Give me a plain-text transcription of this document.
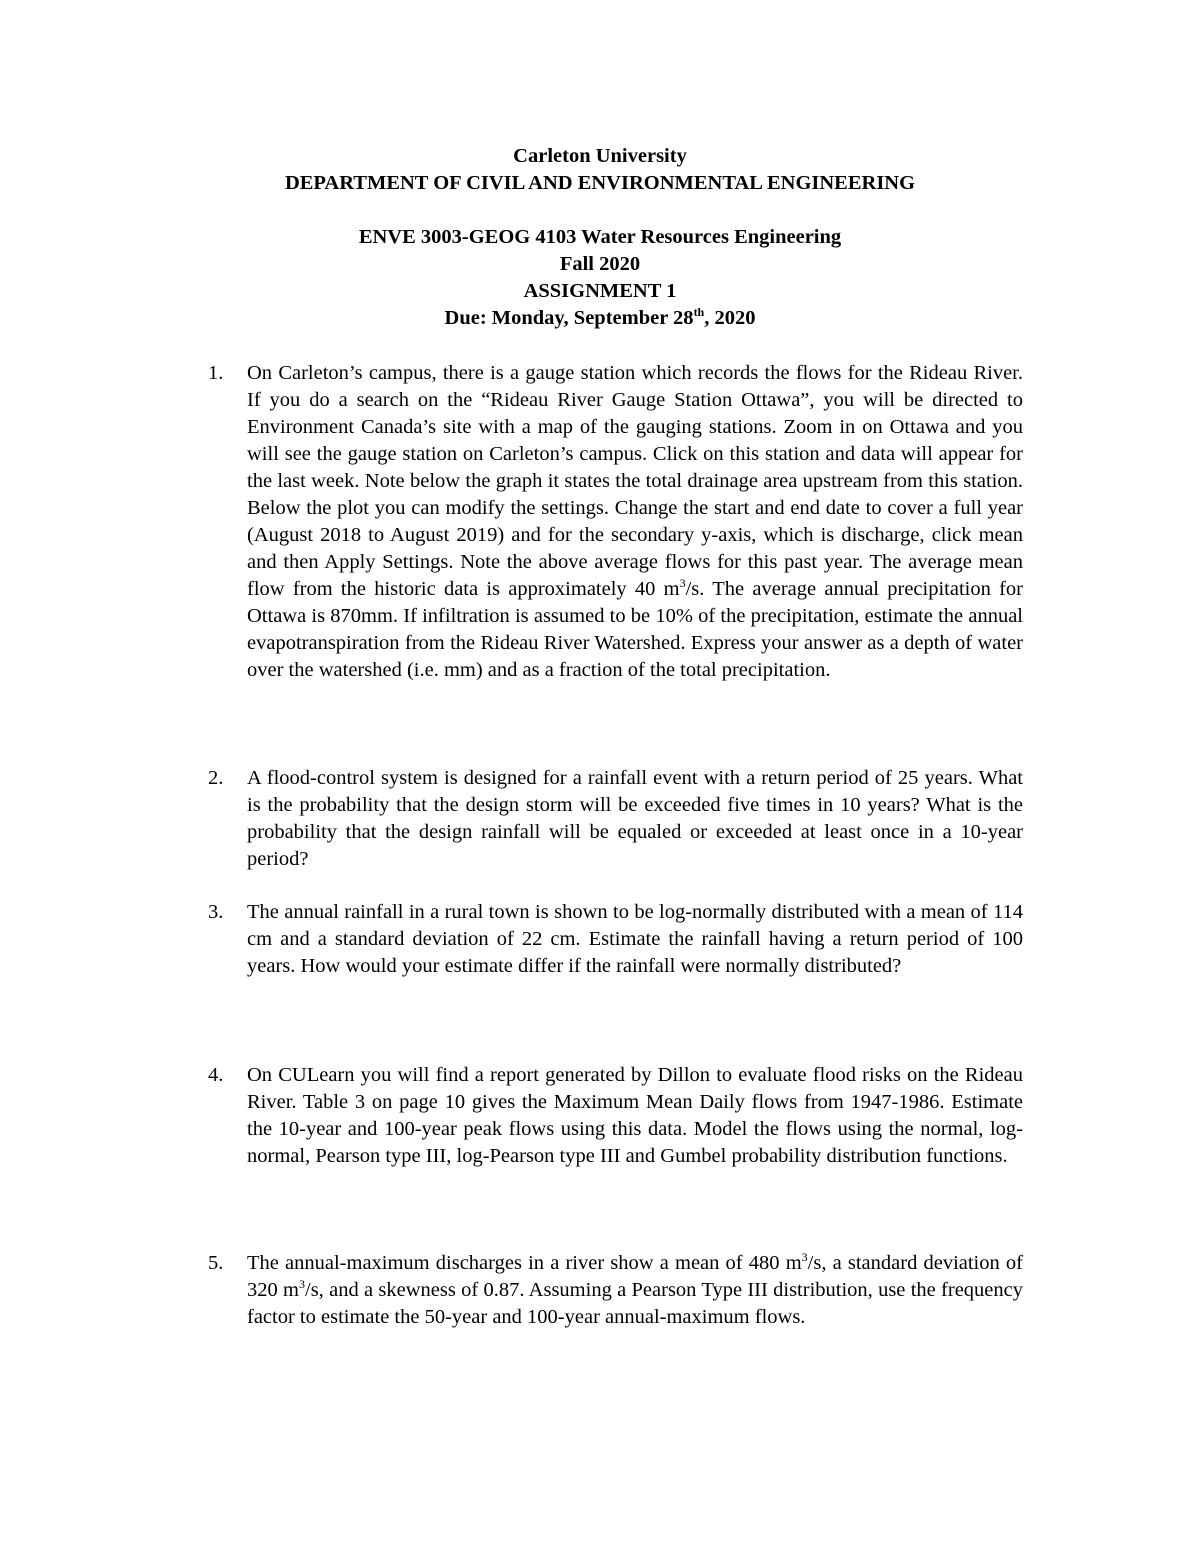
Carleton University
DEPARTMENT OF CIVIL AND ENVIRONMENTAL ENGINEERING
ENVE 3003-GEOG 4103 Water Resources Engineering
Fall 2020
ASSIGNMENT 1
Due: Monday, September 28th, 2020
1.	On Carleton’s campus, there is a gauge station which records the flows for the Rideau River. If you do a search on the “Rideau River Gauge Station Ottawa”, you will be directed to Environment Canada’s site with a map of the gauging stations. Zoom in on Ottawa and you will see the gauge station on Carleton’s campus. Click on this station and data will appear for the last week. Note below the graph it states the total drainage area upstream from this station. Below the plot you can modify the settings. Change the start and end date to cover a full year (August 2018 to August 2019) and for the secondary y-axis, which is discharge, click mean and then Apply Settings. Note the above average flows for this past year. The average mean flow from the historic data is approximately 40 $m^3/s$. The average annual precipitation for Ottawa is 870mm. If infiltration is assumed to be 10% of the precipitation, estimate the annual evapotranspiration from the Rideau River Watershed. Express your answer as a depth of water over the watershed (i.e. mm) and as a fraction of the total precipitation.
2.	A flood-control system is designed for a rainfall event with a return period of 25 years. What is the probability that the design storm will be exceeded five times in 10 years? What is the probability that the design rainfall will be equaled or exceeded at least once in a 10-year period?
3.	The annual rainfall in a rural town is shown to be log-normally distributed with a mean of 114 cm and a standard deviation of 22 cm. Estimate the rainfall having a return period of 100 years. How would your estimate differ if the rainfall were normally distributed?
4.	On CULearn you will find a report generated by Dillon to evaluate flood risks on the Rideau River. Table 3 on page 10 gives the Maximum Mean Daily flows from 1947-1986. Estimate the 10-year and 100-year peak flows using this data. Model the flows using the normal, log-normal, Pearson type III, log-Pearson type III and Gumbel probability distribution functions.
5.	The annual-maximum discharges in a river show a mean of 480 $m^3/s$, a standard deviation of 320 $m^3/s$, and a skewness of 0.87. Assuming a Pearson Type III distribution, use the frequency factor to estimate the 50-year and 100-year annual-maximum flows.
